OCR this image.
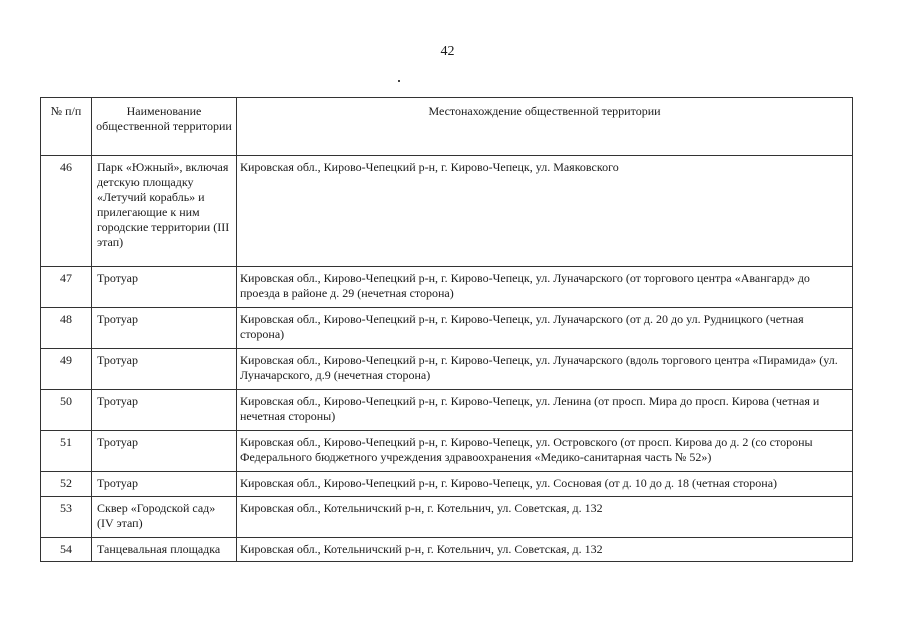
42
№ п/п	Наименование общественной территории	Местонахождение общественной территории
46	Парк «Южный», включая детскую площадку «Летучий корабль» и прилегающие к ним городские территории (III этап)	Кировская обл., Кирово-Чепецкий р-н, г. Кирово-Чепецк, ул. Маяковского
47	Тротуар	Кировская обл., Кирово-Чепецкий р-н, г. Кирово-Чепецк, ул. Луначарского (от торгового центра «Авангард» до проезда в районе д. 29 (нечетная сторона)
48	Тротуар	Кировская обл., Кирово-Чепецкий р-н, г. Кирово-Чепецк, ул. Луначарского (от д. 20 до ул. Рудницкого (четная сторона)
49	Тротуар	Кировская обл., Кирово-Чепецкий р-н, г. Кирово-Чепецк, ул. Луначарского (вдоль торгового центра «Пирамида» (ул. Луначарского, д.9 (нечетная сторона)
50	Тротуар	Кировская обл., Кирово-Чепецкий р-н, г. Кирово-Чепецк, ул. Ленина (от просп. Мира до просп. Кирова (четная и нечетная стороны)
51	Тротуар	Кировская обл., Кирово-Чепецкий р-н, г. Кирово-Чепецк, ул. Островского (от просп. Кирова до д. 2 (со стороны Федерального бюджетного учреждения здравоохранения «Медико-санитарная часть № 52»)
52	Тротуар	Кировская обл., Кирово-Чепецкий р-н, г. Кирово-Чепецк, ул. Сосновая (от д. 10 до д. 18 (четная сторона)
53	Сквер «Городской сад» (IV этап)	Кировская обл., Котельничский р-н, г. Котельнич, ул. Советская, д. 132
54	Танцевальная площадка	Кировская обл., Котельничский р-н, г. Котельнич, ул. Советская, д. 132
